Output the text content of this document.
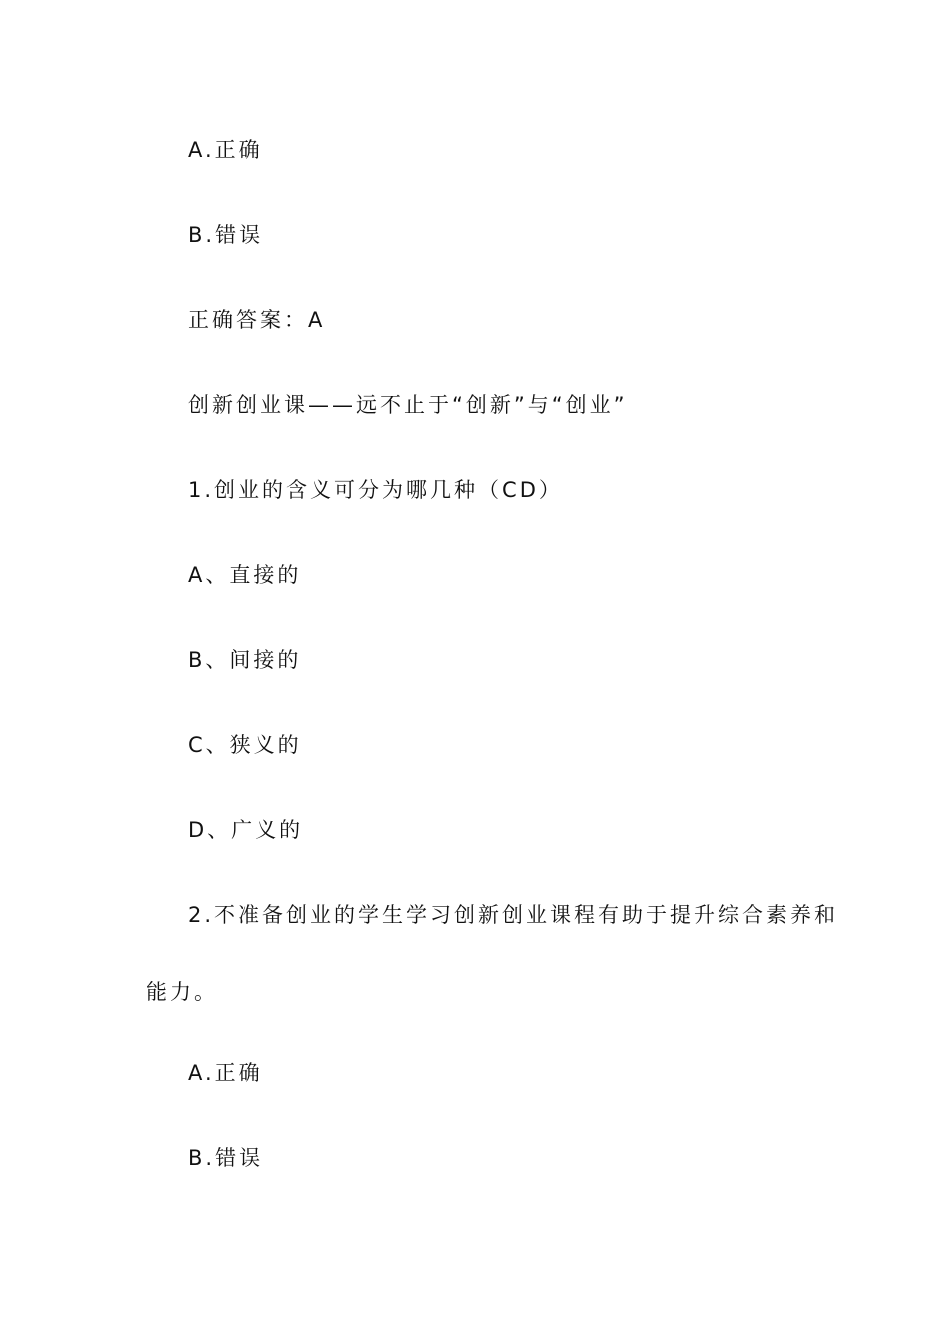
A.正确
B.错误
正确答案：A
创新创业课——远不止于“创新”与“创业”
1.创业的含义可分为哪几种（CD）
A、直接的
B、间接的
C、狭义的
D、广义的
2.不准备创业的学生学习创新创业课程有助于提升综合素养和
能力。
A.正确
B.错误
